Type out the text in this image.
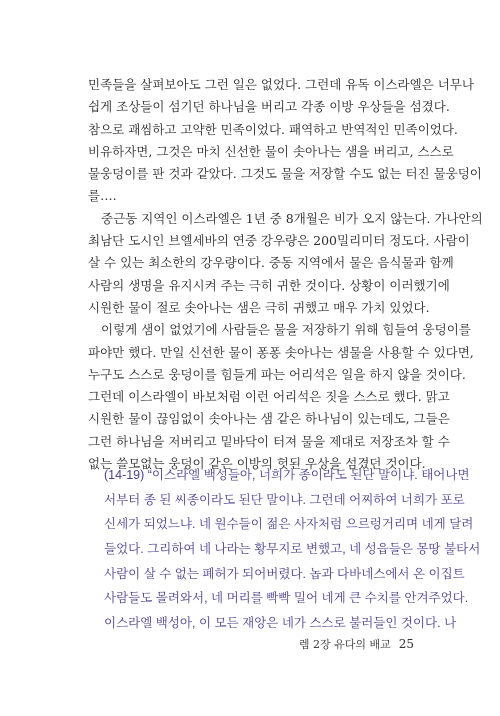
민족들을 살펴보아도 그런 일은 없었다. 그런데 유독 이스라엘은 너무나
쉽게 조상들이 섬기던 하나님을 버리고 각종 이방 우상들을 섬겼다.
참으로 괘씸하고 고약한 민족이었다. 패역하고 반역적인 민족이었다.
비유하자면, 그것은 마치 신선한 물이 솟아나는 샘을 버리고, 스스로
물웅덩이를 판 것과 같았다. 그것도 물을 저장할 수도 없는 터진 물웅덩이
를….
중근동 지역인 이스라엘은 1년 중 8개월은 비가 오지 않는다. 가나안의
최남단 도시인 브엘세바의 연중 강우량은 200밀리미터 정도다. 사람이
살 수 있는 최소한의 강우량이다. 중동 지역에서 물은 음식물과 함께
사람의 생명을 유지시켜 주는 극히 귀한 것이다. 상황이 이러했기에
시원한 물이 절로 솟아나는 샘은 극히 귀했고 매우 가치 있었다.
이렇게 샘이 없었기에 사람들은 물을 저장하기 위해 힘들여 웅덩이를
파야만 했다. 만일 신선한 물이 퐁퐁 솟아나는 샘물을 사용할 수 있다면,
누구도 스스로 웅덩이를 힘들게 파는 어리석은 일을 하지 않을 것이다.
그런데 이스라엘이 바보처럼 이런 어리석은 짓을 스스로 했다. 맑고
시원한 물이 끊임없이 솟아나는 샘 같은 하나님이 있는데도, 그들은
그런 하나님을 저버리고 밑바닥이 터져 물을 제대로 저장조차 할 수
없는 쓸모없는 웅덩이 같은 이방의 헛된 우상을 섬겼던 것이다.
(14-19) “이스라엘 백성들아, 너희가 종이라도 된단 말이냐. 태어나면
서부터 종 된 씨종이라도 된단 말이냐. 그런데 어찌하여 너희가 포로
신세가 되었느냐. 네 원수들이 젊은 사자처럼 으르렁거리며 네게 달려
들었다. 그리하여 네 나라는 황무지로 변했고, 네 성읍들은 몽땅 불타서
사람이 살 수 없는 폐허가 되어버렸다. 놉과 다바네스에서 온 이집트
사람들도 몰려와서, 네 머리를 빡빡 밀어 네게 큰 수치를 안겨주었다.
이스라엘 백성아, 이 모든 재앙은 네가 스스로 불러들인 것이다. 나
렘 2장 유다의 배교 25
